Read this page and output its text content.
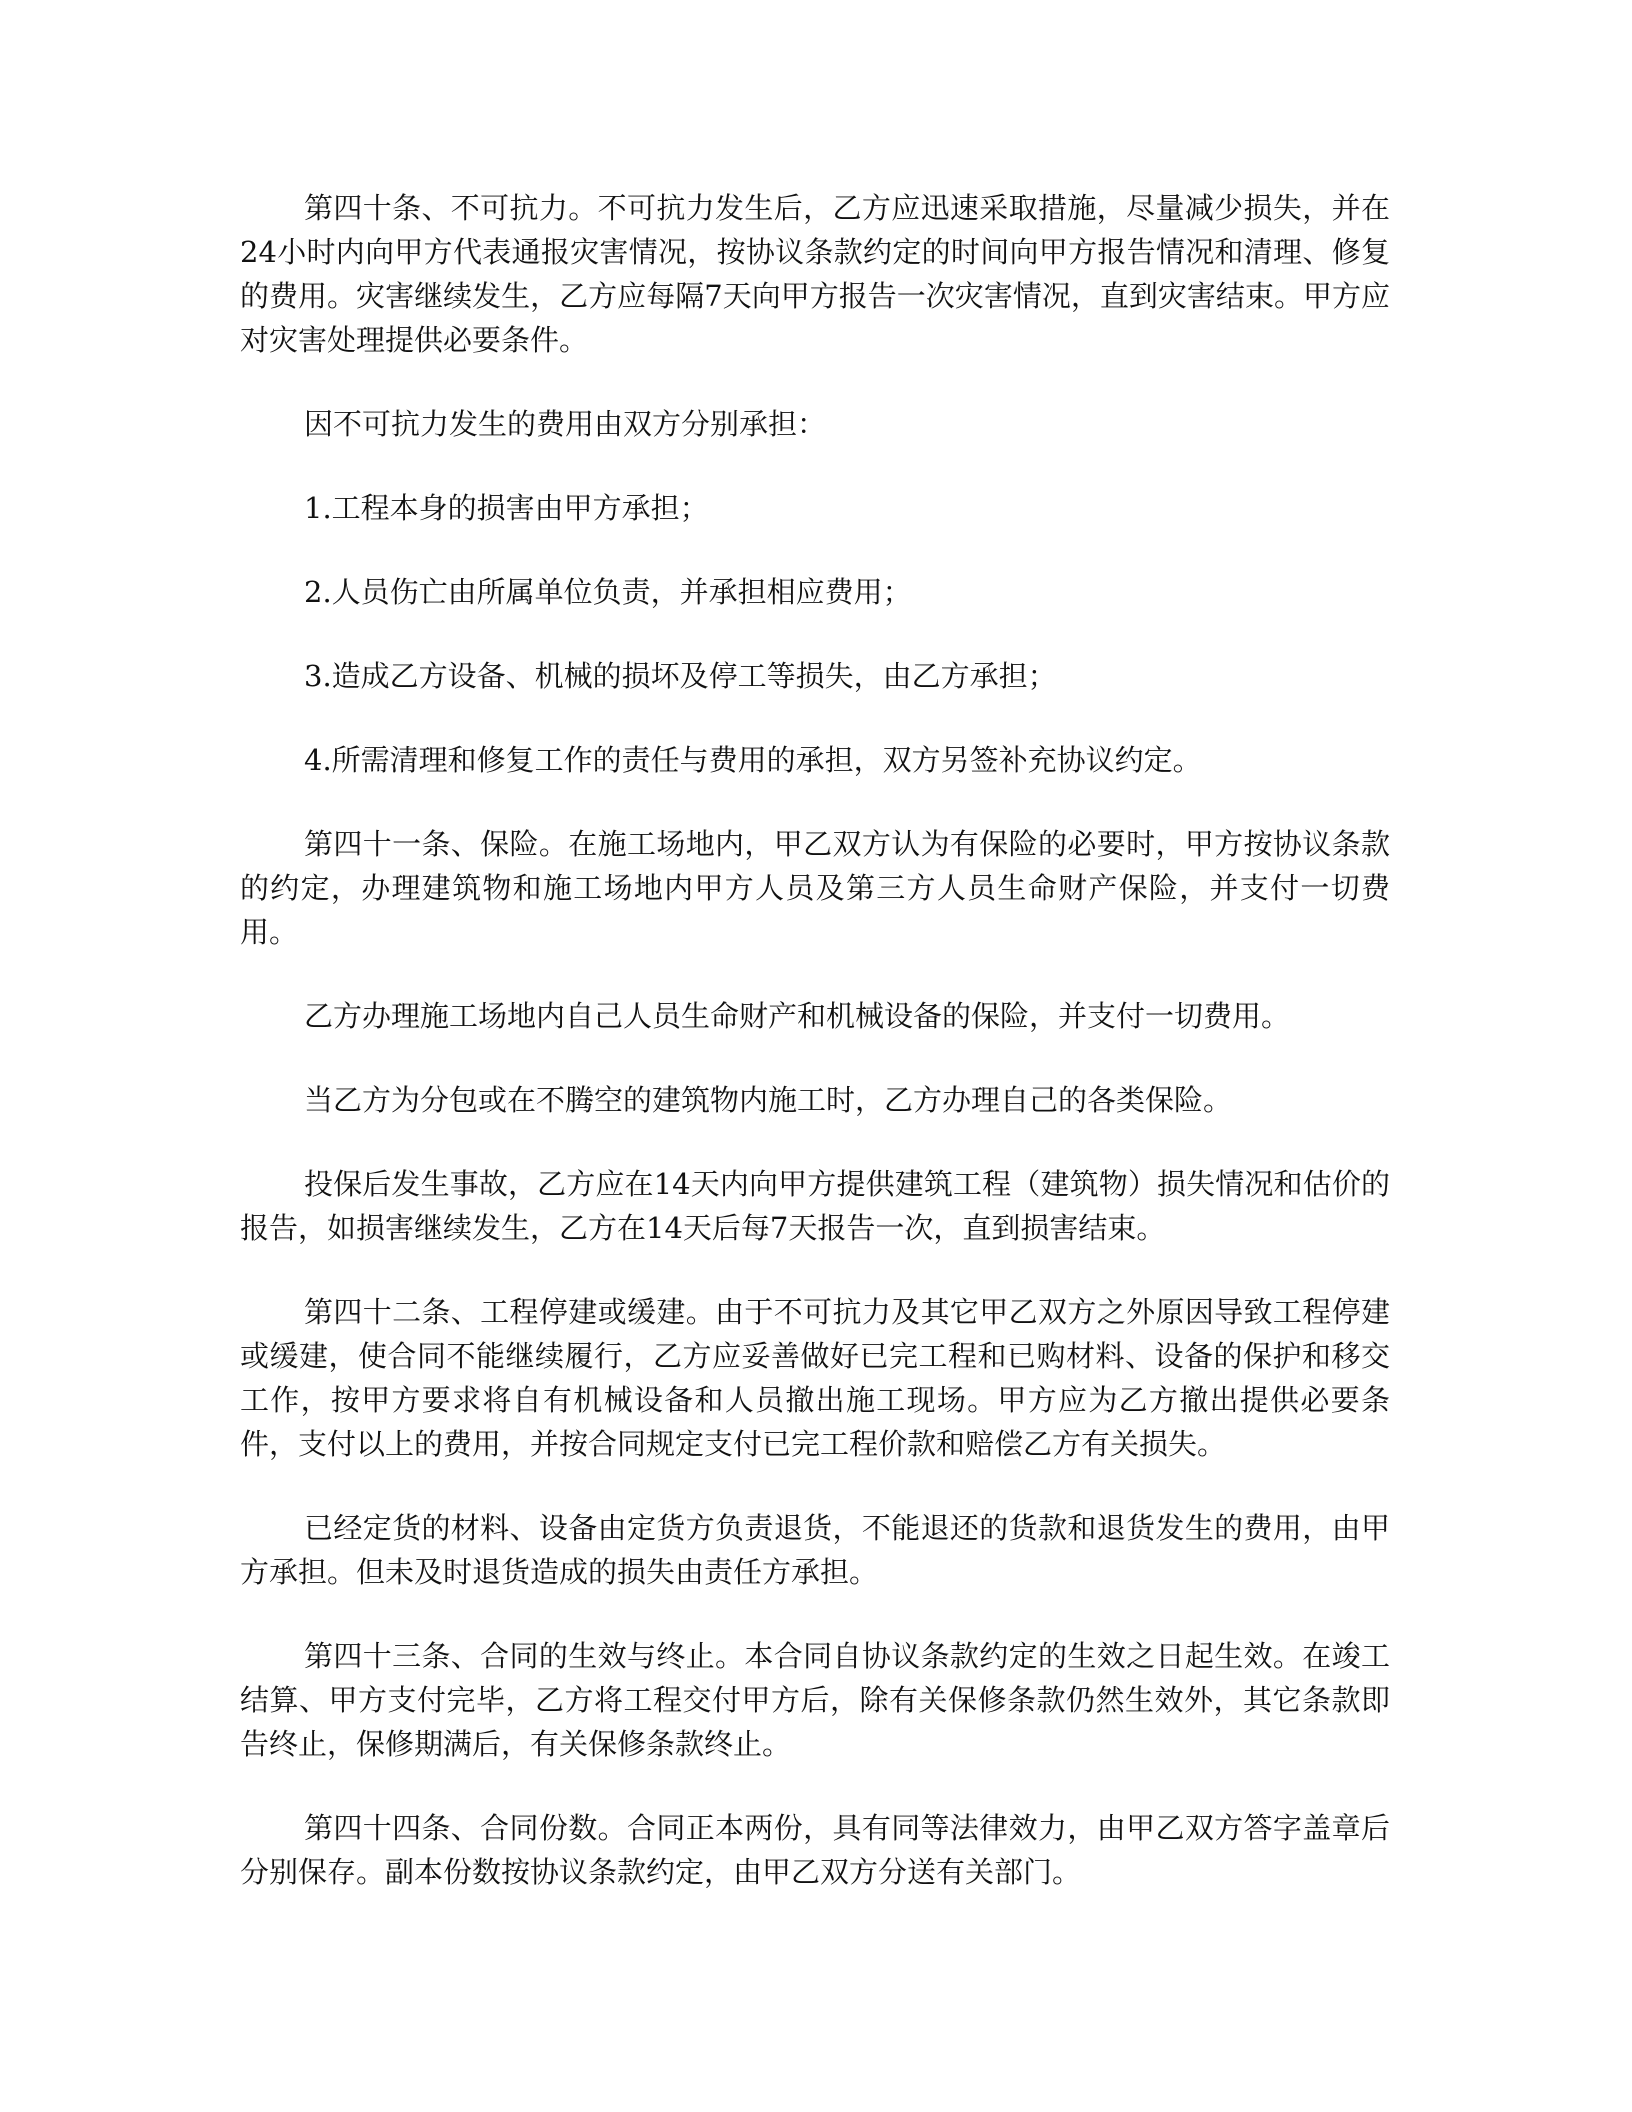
第四十条、不可抗力。不可抗力发生后，乙方应迅速采取措施，尽量减少损失，并在24小时内向甲方代表通报灾害情况，按协议条款约定的时间向甲方报告情况和清理、修复的费用。灾害继续发生，乙方应每隔7天向甲方报告一次灾害情况，直到灾害结束。甲方应对灾害处理提供必要条件。

因不可抗力发生的费用由双方分别承担：

1.工程本身的损害由甲方承担；

2.人员伤亡由所属单位负责，并承担相应费用；

3.造成乙方设备、机械的损坏及停工等损失，由乙方承担；

4.所需清理和修复工作的责任与费用的承担，双方另签补充协议约定。

第四十一条、保险。在施工场地内，甲乙双方认为有保险的必要时，甲方按协议条款的约定，办理建筑物和施工场地内甲方人员及第三方人员生命财产保险，并支付一切费用。

乙方办理施工场地内自己人员生命财产和机械设备的保险，并支付一切费用。

当乙方为分包或在不腾空的建筑物内施工时，乙方办理自己的各类保险。

投保后发生事故，乙方应在14天内向甲方提供建筑工程（建筑物）损失情况和估价的报告，如损害继续发生，乙方在14天后每7天报告一次，直到损害结束。

第四十二条、工程停建或缓建。由于不可抗力及其它甲乙双方之外原因导致工程停建或缓建，使合同不能继续履行，乙方应妥善做好已完工程和已购材料、设备的保护和移交工作，按甲方要求将自有机械设备和人员撤出施工现场。甲方应为乙方撤出提供必要条件，支付以上的费用，并按合同规定支付已完工程价款和赔偿乙方有关损失。

已经定货的材料、设备由定货方负责退货，不能退还的货款和退货发生的费用，由甲方承担。但未及时退货造成的损失由责任方承担。

第四十三条、合同的生效与终止。本合同自协议条款约定的生效之日起生效。在竣工结算、甲方支付完毕，乙方将工程交付甲方后，除有关保修条款仍然生效外，其它条款即告终止，保修期满后，有关保修条款终止。

第四十四条、合同份数。合同正本两份，具有同等法律效力，由甲乙双方答字盖章后分别保存。副本份数按协议条款约定，由甲乙双方分送有关部门。
